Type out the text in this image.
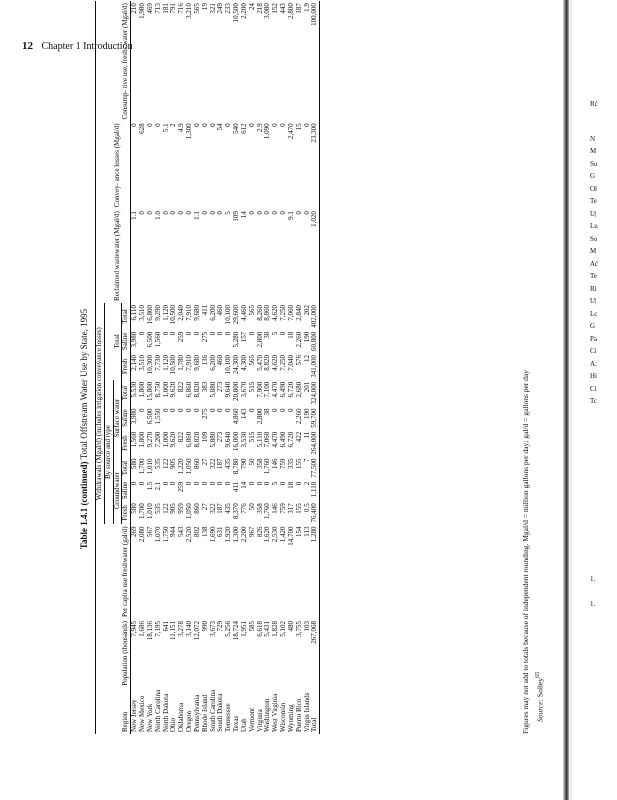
12 Chapter 1 Introduction
Table 1.4.1 (continued) Total Offstream Water Use by State, 1995
		Per capita use freshwater (gal/d)	Withdrawals (Mgal/d) (includes irrigation conveyance losses)											Consump- tive use, fresh- water (Mgal/d)
			By source and type											
			Groundwater			Surface water			Total			Reclaimed wastewater (Mgal/d)	Convey- ance losses (Mgal/d)	
Region	Population (thousands)		Fresh	Saline	Total	Fresh	Saline	Total	Fresh	Saline	Total			
New Jersey	7,945	269	580	0	580	1,560	3,980	5,530	2,140	3,980	6,110	1.1	0	210
New Mexico	1,686	2,080	1,700	0	1,700	1,800	0	1,800	3,510	0	3,510	0	628	1,980
New York	18,136	567	1,010	1.5	1,010	9,270	6,500	15,800	10,300	6,500	16,800	0	0	469
North Carolina	7,195	1,070	535	2.1	535	7,200	1,550	8,750	7,730	1,560	9,290	1.0	0	713
North Dakota	641	1,750	122	0	122	1,000	0	1,000	1,120	0	1,120	0	5.1	181
Ohio	11,151	944	905	0	905	9,620	0	9,620	10,500	0	10,500	0	2	791
Oklahoma	3,278	543	959	259	1,220	822	0	822	1,780	259	2,040	0	4.9	716
Oregon	3,140	2,520	1,050	0	1,050	6,860	0	6,860	7,910	0	7,910	0	1,300	3,210
Pennsylvania	12,072	802	860	0	860	8,820	0	8,820	9,680	0	9,680	1.1	0	565
Rhode Island	990	138	27	0	27	109	275	383	136	275	411	0	0	19
South Carolina	3,673	1,690	322	0	322	5,880	0	5,880	6,200	0	6,200	0	0	321
South Dakota	729	631	187	0	187	273	0	273	460	0	460	0	54	249
Tennessee	5,256	1,920	435	0	435	9,640	0	9,640	10,100	0	10,100	5	0	233
Texas	18,724	1,300	8,370	411	8,780	16,000	4,860	20,800	24,300	5,280	29,600	109	540	10,500
Utah	1,951	2,200	776	14	790	3,530	143	3,670	4,300	157	4,460	14	612	2,200
Vermont	585	967	50	0	50	515	0	515	565	0	565	0	0	24
Virginia	6,618	826	358	0	358	5,110	2,800	7,900	5,470	2,800	8,260	0	2.9	218
Washington	5,431	1,620	1,760	0	1,760	7,060	38	7,100	8,820	38	8,860	0	1,090	3,080
West Virginia	1,828	2,530	146	5	146	4,470	0	4,470	4,620	5	4,620	0	0	152
Wisconsin	5,102	1,420	759	0	759	6,490	0	6,490	7,250	0	7,250	0	0	443
Wyoming	480	14,700	317	18	335	6,720	0	6,720	7,040	18	7,060	9.1	2,470	2,800
Puerto Rico	3,755	154	155	0	155	422	2,260	2,680	576	2,260	2,840	0	15	187
Virgin Islands	103	113	0.5	2	7	11	190	201	12	190	202	0	0	1.9
Total	267,068	1,280	76,400	1,110	77,500	264,000	59,700	324,000	341,000	60,800	402,000	1,020	23,300	100,000
Figures may not add to totals because of independent rounding. Mgal/d = million gallons per day; gal/d = gallons per day Source: Solley$^{65}$
Rć
N
M
So
G
Ol
Te
U|
Lu
So
M
Ać
Te
Ri
U|
Lc
G
Pa
Ci
A:
Hi
Ci
Tc
1.
1.
